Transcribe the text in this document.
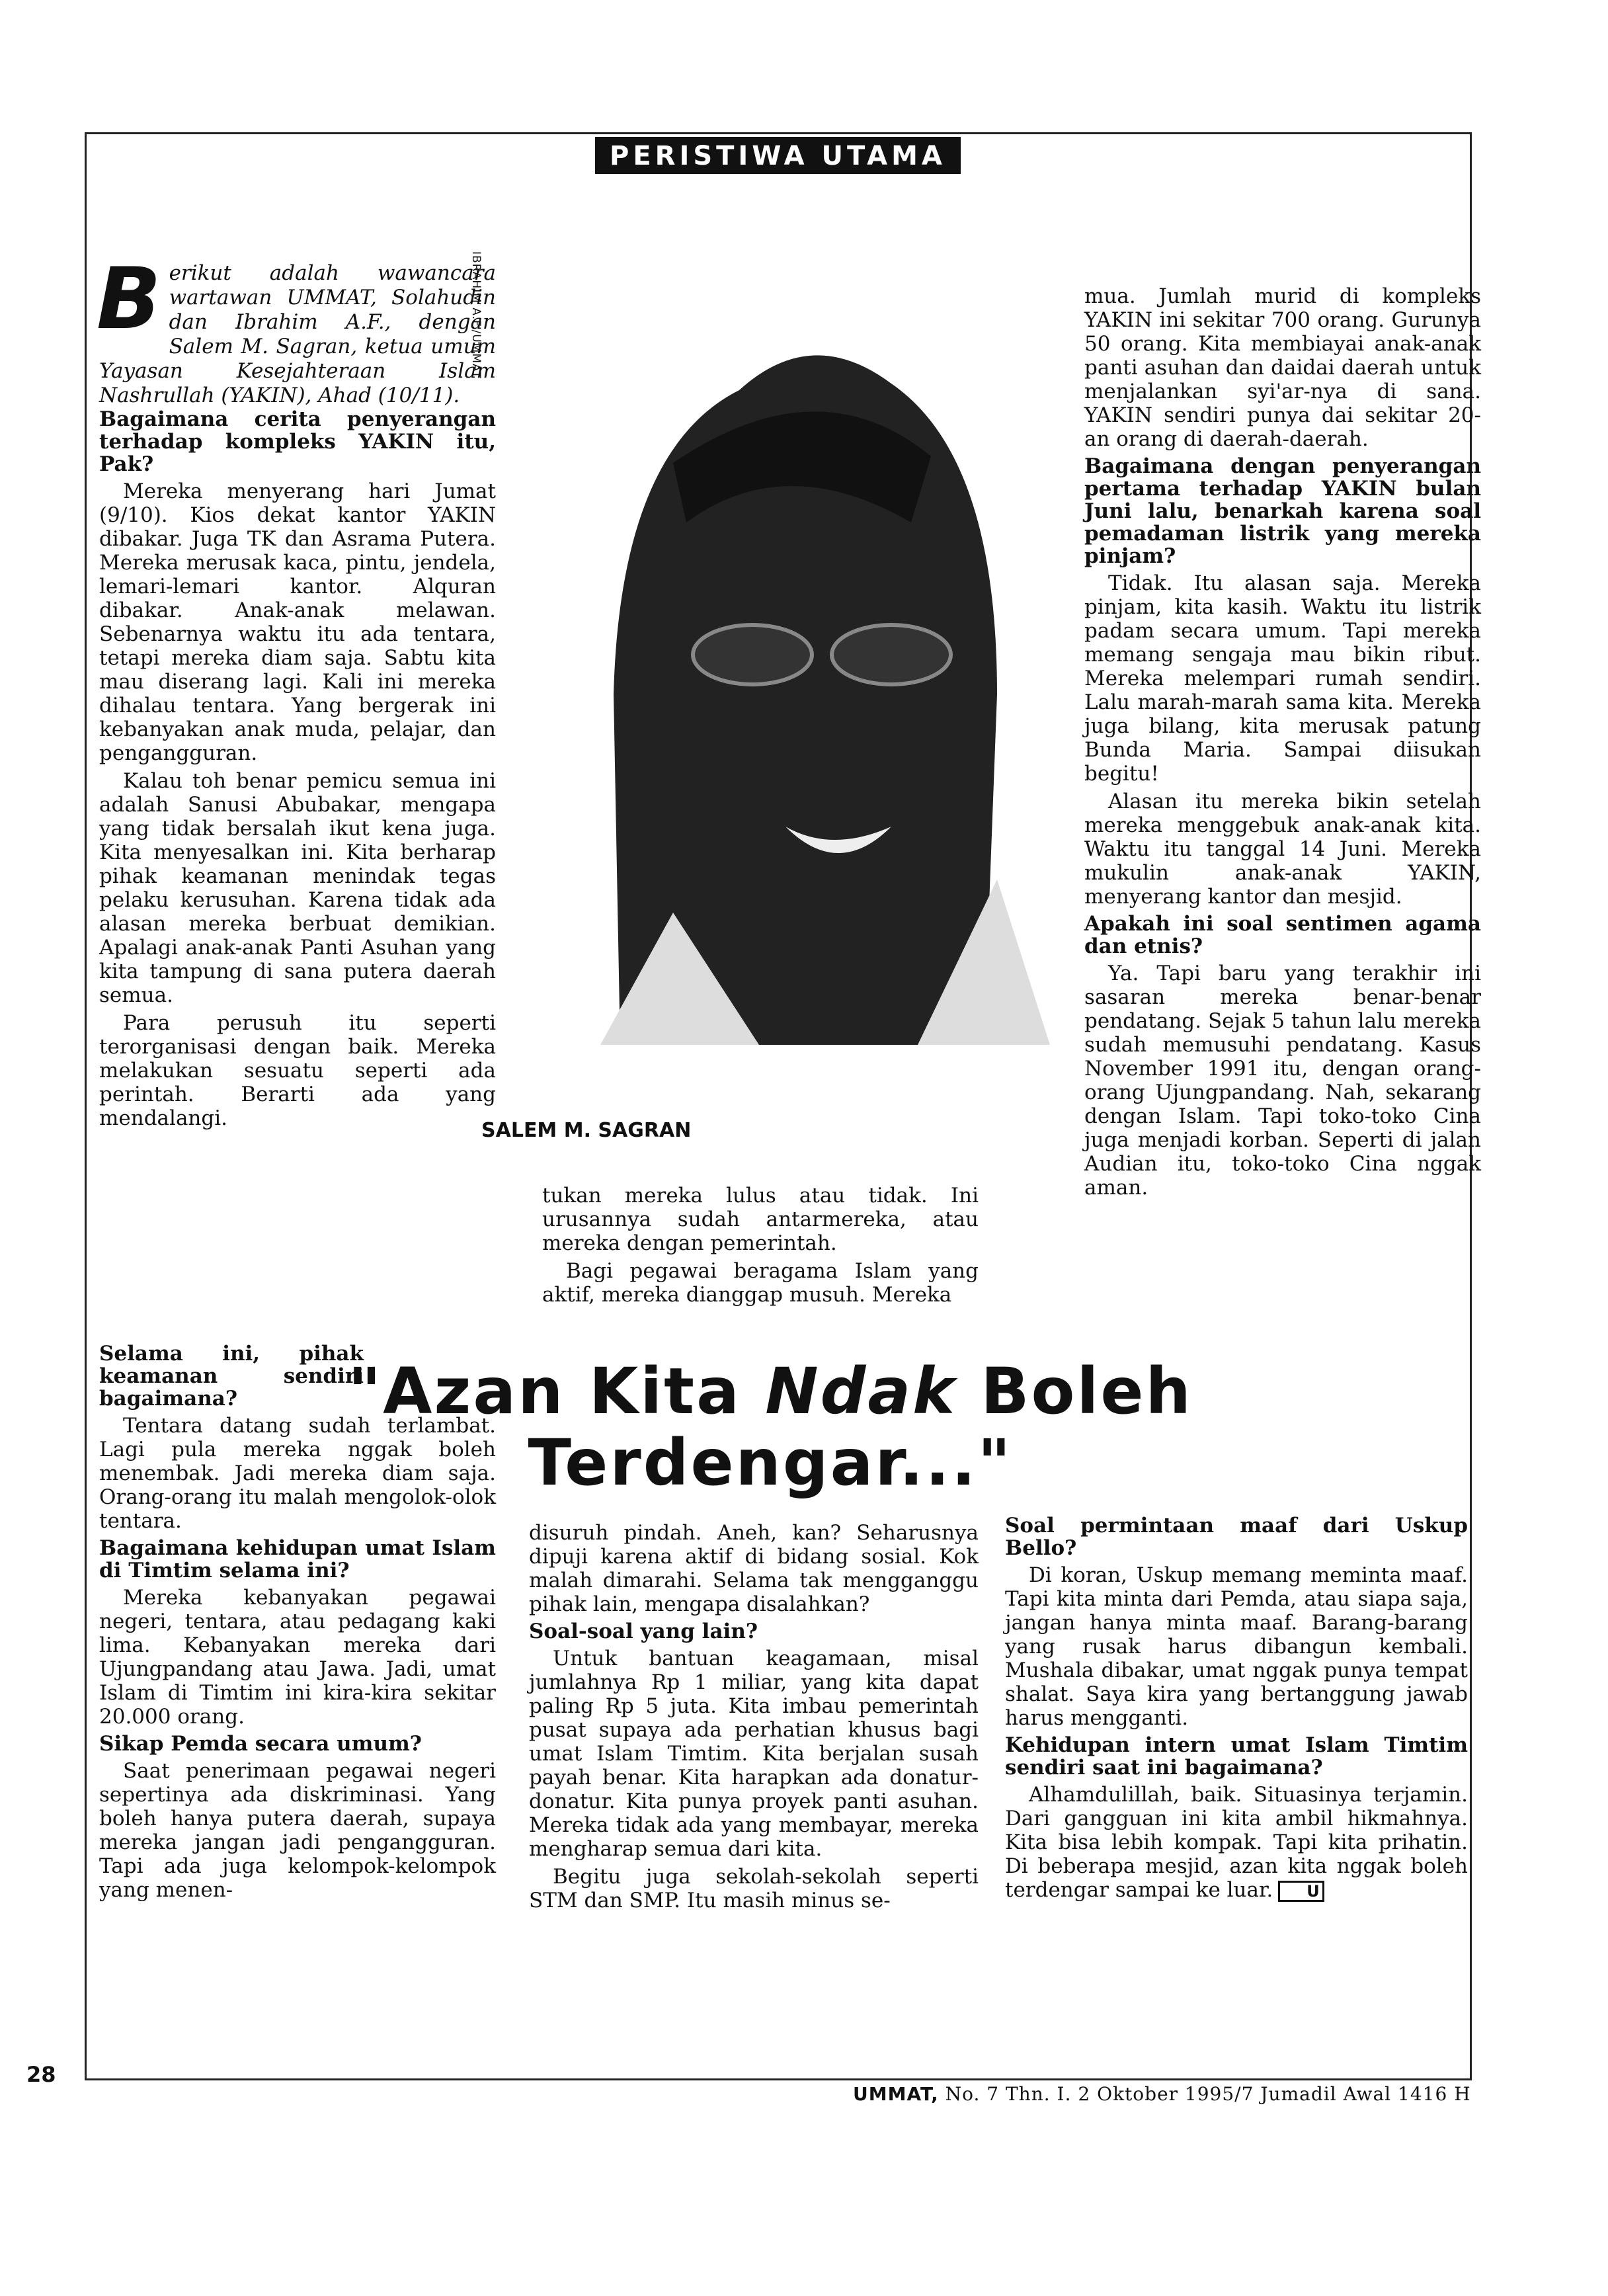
PERISTIWA UTAMA
Berikut adalah wawancara wartawan UMMAT, Solahudin dan Ibrahim A.F., dengan Salem M. Sagran, ketua umum Yayasan Kesejahteraan Islam Nashrullah (YAKIN), Ahad (10/11).

Bagaimana cerita penyerangan terhadap kompleks YAKIN itu, Pak?

Mereka menyerang hari Jumat (9/10). Kios dekat kantor YAKIN dibakar. Juga TK dan Asrama Putera. Mereka merusak kaca, pintu, jendela, lemari-lemari kantor. Alquran dibakar. Anak-anak melawan. Sebenarnya waktu itu ada tentara, tetapi mereka diam saja. Sabtu kita mau diserang lagi. Kali ini mereka dihalau tentara. Yang bergerak ini kebanyakan anak muda, pelajar, dan pengangguran.

Kalau toh benar pemicu semua ini adalah Sanusi Abubakar, mengapa yang tidak bersalah ikut kena juga. Kita menyesalkan ini. Kita berharap pihak keamanan menindak tegas pelaku kerusuhan. Karena tidak ada alasan mereka berbuat demikian. Apalagi anak-anak Panti Asuhan yang kita tampung di sana putera daerah semua.

Para perusuh itu seperti terorganisasi dengan baik. Mereka melakukan sesuatu seperti ada perintah. Berarti ada yang mendalangi.

Selama ini, pihak keamanan sendiri bagaimana?

Tentara datang sudah terlambat. Lagi pula mereka nggak boleh menembak. Jadi mereka diam saja. Orang-orang itu malah mengolok-olok tentara.

Bagaimana kehidupan umat Islam di Timtim selama ini?

Mereka kebanyakan pegawai negeri, tentara, atau pedagang kaki lima. Kebanyakan mereka dari Ujungpandang atau Jawa. Jadi, umat Islam di Timtim ini kira-kira sekitar 20.000 orang.

Sikap Pemda secara umum?

Saat penerimaan pegawai negeri sepertinya ada diskriminasi. Yang boleh hanya putera daerah, supaya mereka jangan jadi pengangguran. Tapi ada juga kelompok-kelompok yang menen-

IBRAHIM A.F./UMMAT
SALEM M. SAGRAN

tukan mereka lulus atau tidak. Ini urusannya sudah antarmereka, atau mereka dengan pemerintah.

Bagi pegawai beragama Islam yang aktif, mereka dianggap musuh. Mereka

disuruh pindah. Aneh, kan? Seharusnya dipuji karena aktif di bidang sosial. Kok malah dimarahi. Selama tak mengganggu pihak lain, mengapa disalahkan?

Soal-soal yang lain?

Untuk bantuan keagamaan, misal jumlahnya Rp 1 miliar, yang kita dapat paling Rp 5 juta. Kita imbau pemerintah pusat supaya ada perhatian khusus bagi umat Islam Timtim. Kita berjalan susah payah benar. Kita harapkan ada donatur-donatur. Kita punya proyek panti asuhan. Mereka tidak ada yang membayar, mereka mengharap semua dari kita.

Begitu juga sekolah-sekolah seperti STM dan SMP. Itu masih minus se-

"Azan Kita Ndak Boleh
Terdengar..."

mua. Jumlah murid di kompleks YAKIN ini sekitar 700 orang. Gurunya 50 orang. Kita membiayai anak-anak panti asuhan dan daidai daerah untuk menjalankan syi'ar-nya di sana. YAKIN sendiri punya dai sekitar 20-an orang di daerah-daerah.

Bagaimana dengan penyerangan pertama terhadap YAKIN bulan Juni lalu, benarkah karena soal pemadaman listrik yang mereka pinjam?

Tidak. Itu alasan saja. Mereka pinjam, kita kasih. Waktu itu listrik padam secara umum. Tapi mereka memang sengaja mau bikin ribut. Mereka melempari rumah sendiri. Lalu marah-marah sama kita. Mereka juga bilang, kita merusak patung Bunda Maria. Sampai diisukan begitu!

Alasan itu mereka bikin setelah mereka menggebuk anak-anak kita. Waktu itu tanggal 14 Juni. Mereka mukulin anak-anak YAKIN, menyerang kantor dan mesjid.

Apakah ini soal sentimen agama dan etnis?

Ya. Tapi baru yang terakhir ini sasaran mereka benar-benar pendatang. Sejak 5 tahun lalu mereka sudah memusuhi pendatang. Kasus November 1991 itu, dengan orang-orang Ujungpandang. Nah, sekarang dengan Islam. Tapi toko-toko Cina juga menjadi korban. Seperti di jalan Audian itu, toko-toko Cina nggak aman.

Soal permintaan maaf dari Uskup Bello?

Di koran, Uskup memang meminta maaf. Tapi kita minta dari Pemda, atau siapa saja, jangan hanya minta maaf. Barang-barang yang rusak harus dibangun kembali. Mushala dibakar, umat nggak punya tempat shalat. Saya kira yang bertanggung jawab harus mengganti.

Kehidupan intern umat Islam Timtim sendiri saat ini bagaimana?

Alhamdulillah, baik. Situasinya terjamin. Dari gangguan ini kita ambil hikmahnya. Kita bisa lebih kompak. Tapi kita prihatin. Di beberapa mesjid, azan kita nggak boleh terdengar sampai ke luar. U

28
UMMAT, No. 7 Thn. I. 2 Oktober 1995/7 Jumadil Awal 1416 H
